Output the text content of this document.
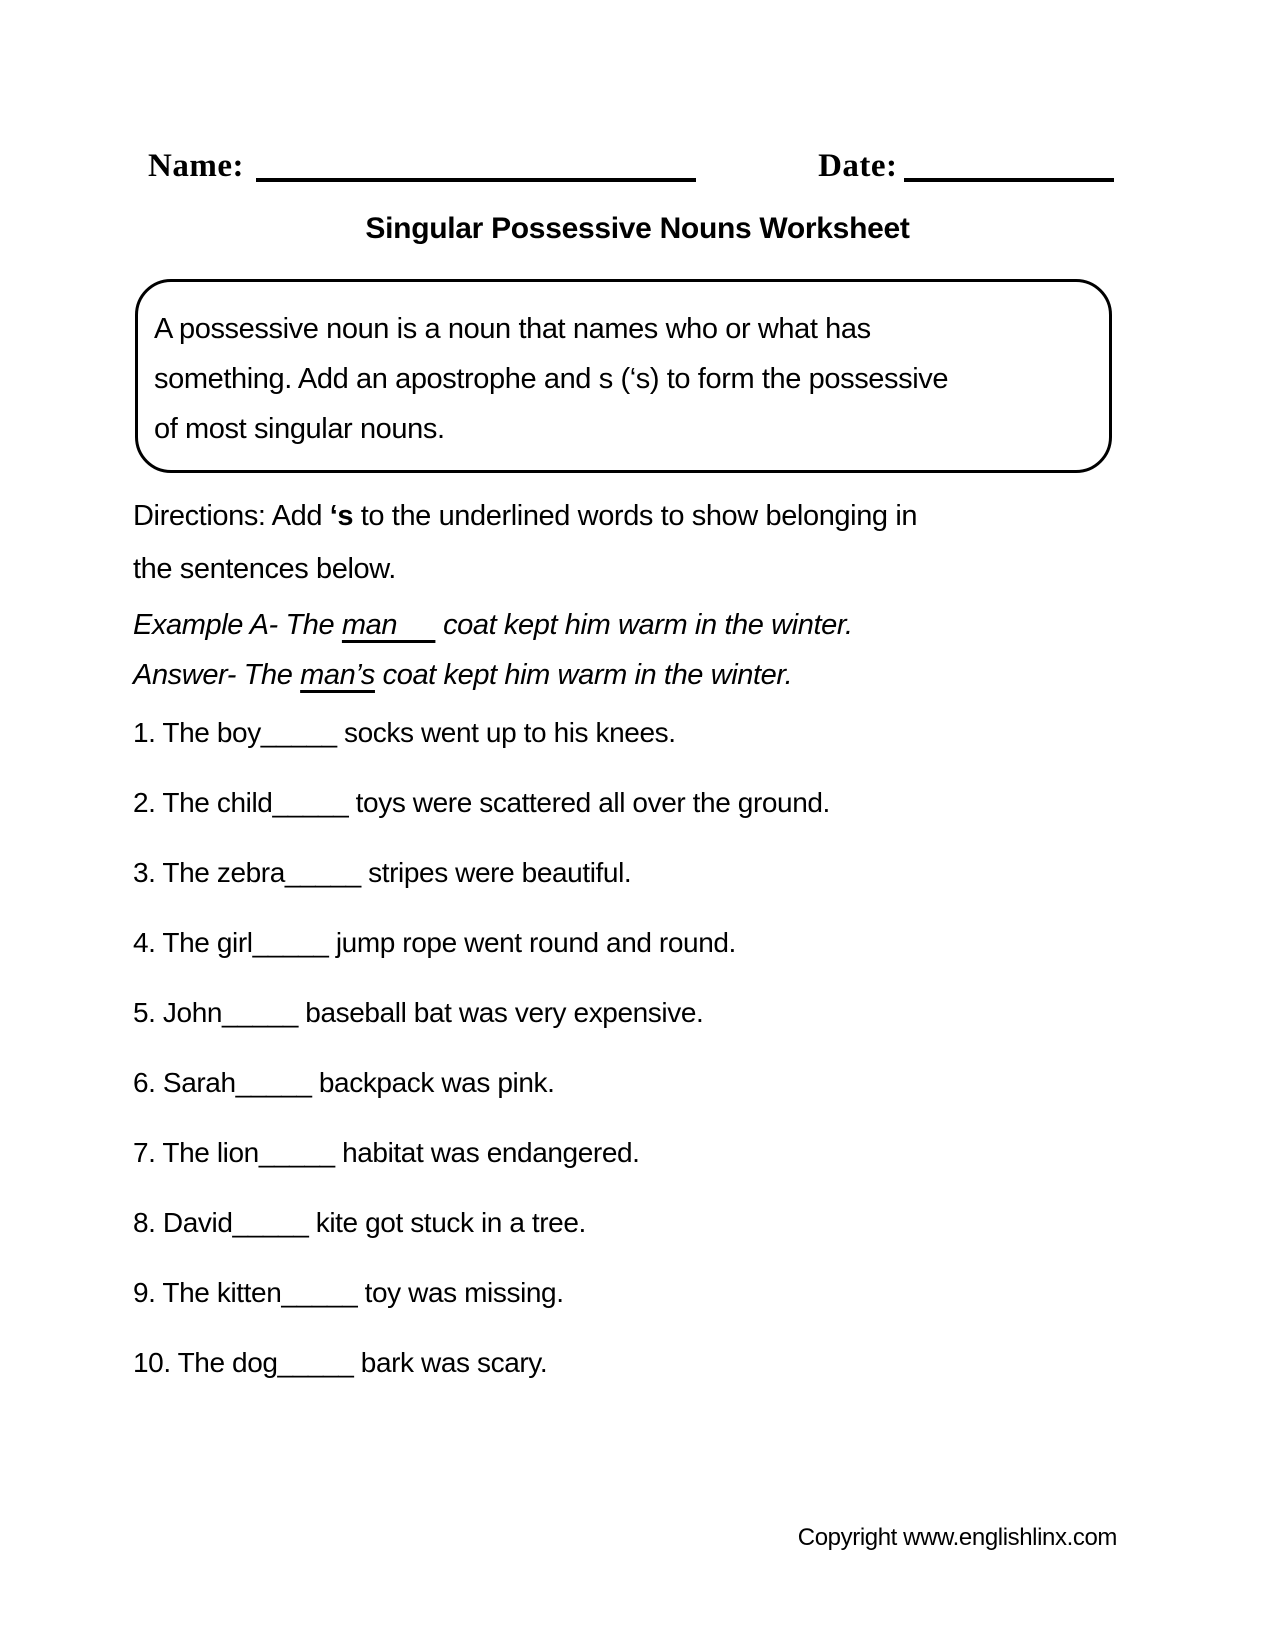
Name:	Date:
Singular Possessive Nouns Worksheet
A possessive noun is a noun that names who or what has
something. Add an apostrophe and s (‘s) to form the possessive
of most singular nouns.
Directions: Add ‘s to the underlined words to show belonging in
the sentences below.
Example A- The man      coat kept him warm in the winter.
Answer- The man’s coat kept him warm in the winter.
1. The boy_____ socks went up to his knees.
2. The child_____ toys were scattered all over the ground.
3. The zebra_____ stripes were beautiful.
4. The girl_____ jump rope went round and round.
5. John_____ baseball bat was very expensive.
6. Sarah_____ backpack was pink.
7. The lion_____ habitat was endangered.
8. David_____ kite got stuck in a tree.
9. The kitten_____ toy was missing.
10. The dog_____ bark was scary.
Copyright www.englishlinx.com
